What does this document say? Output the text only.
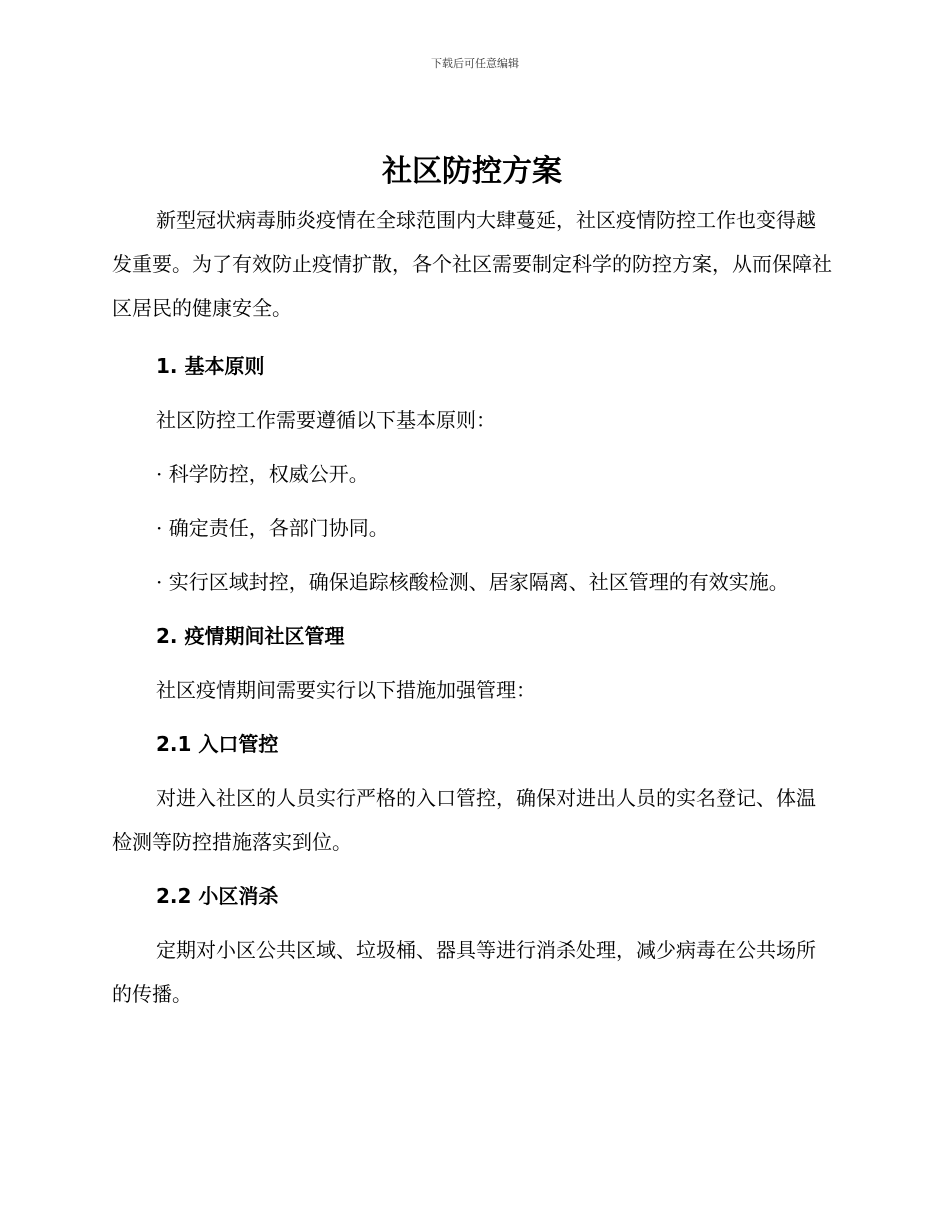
下载后可任意编辑
社区防控方案

新型冠状病毒肺炎疫情在全球范围内大肆蔓延，社区疫情防控工作也变得越发重要。为了有效防止疫情扩散，各个社区需要制定科学的防控方案，从而保障社区居民的健康安全。

1. 基本原则

社区防控工作需要遵循以下基本原则：

· 科学防控，权威公开。

· 确定责任，各部门协同。

· 实行区域封控，确保追踪核酸检测、居家隔离、社区管理的有效实施。

2. 疫情期间社区管理

社区疫情期间需要实行以下措施加强管理：

2.1 入口管控

对进入社区的人员实行严格的入口管控，确保对进出人员的实名登记、体温检测等防控措施落实到位。

2.2 小区消杀

定期对小区公共区域、垃圾桶、器具等进行消杀处理，减少病毒在公共场所的传播。
